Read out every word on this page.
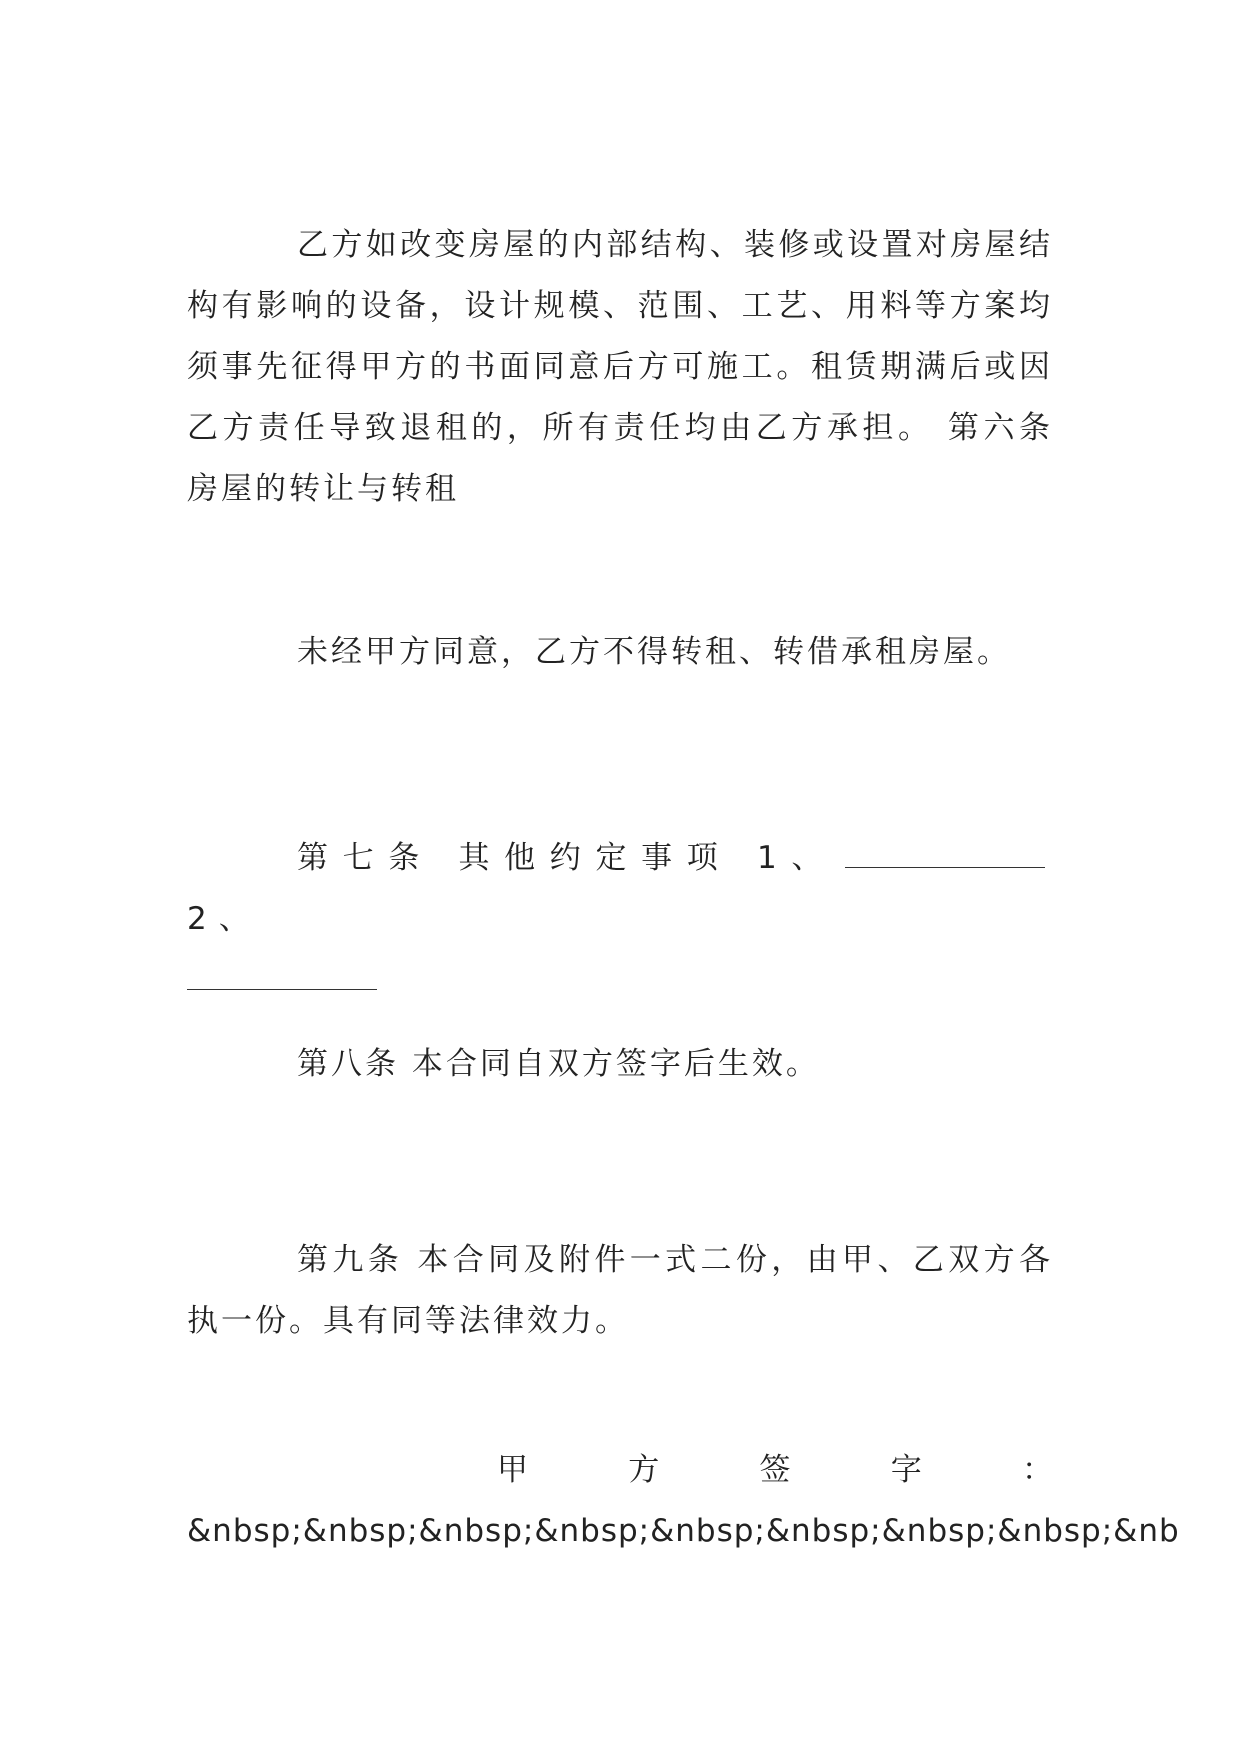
乙方如改变房屋的内部结构、装修或设置对房屋结构有影响的设备，设计规模、范围、工艺、用料等方案均须事先征得甲方的书面同意后方可施工。租赁期满后或因乙方责任导致退租的，所有责任均由乙方承担。 第六条 房屋的转让与转租

未经甲方同意，乙方不得转租、转借承租房屋。

第七条 其他约定事项 1、2、

第八条 本合同自双方签字后生效。

第九条 本合同及附件一式二份，由甲、乙双方各执一份。具有同等法律效力。

甲	方	签	字	：
&nbsp;&nbsp;&nbsp;&nbsp;&nbsp;&nbsp;&nbsp;&nbsp;&nb
